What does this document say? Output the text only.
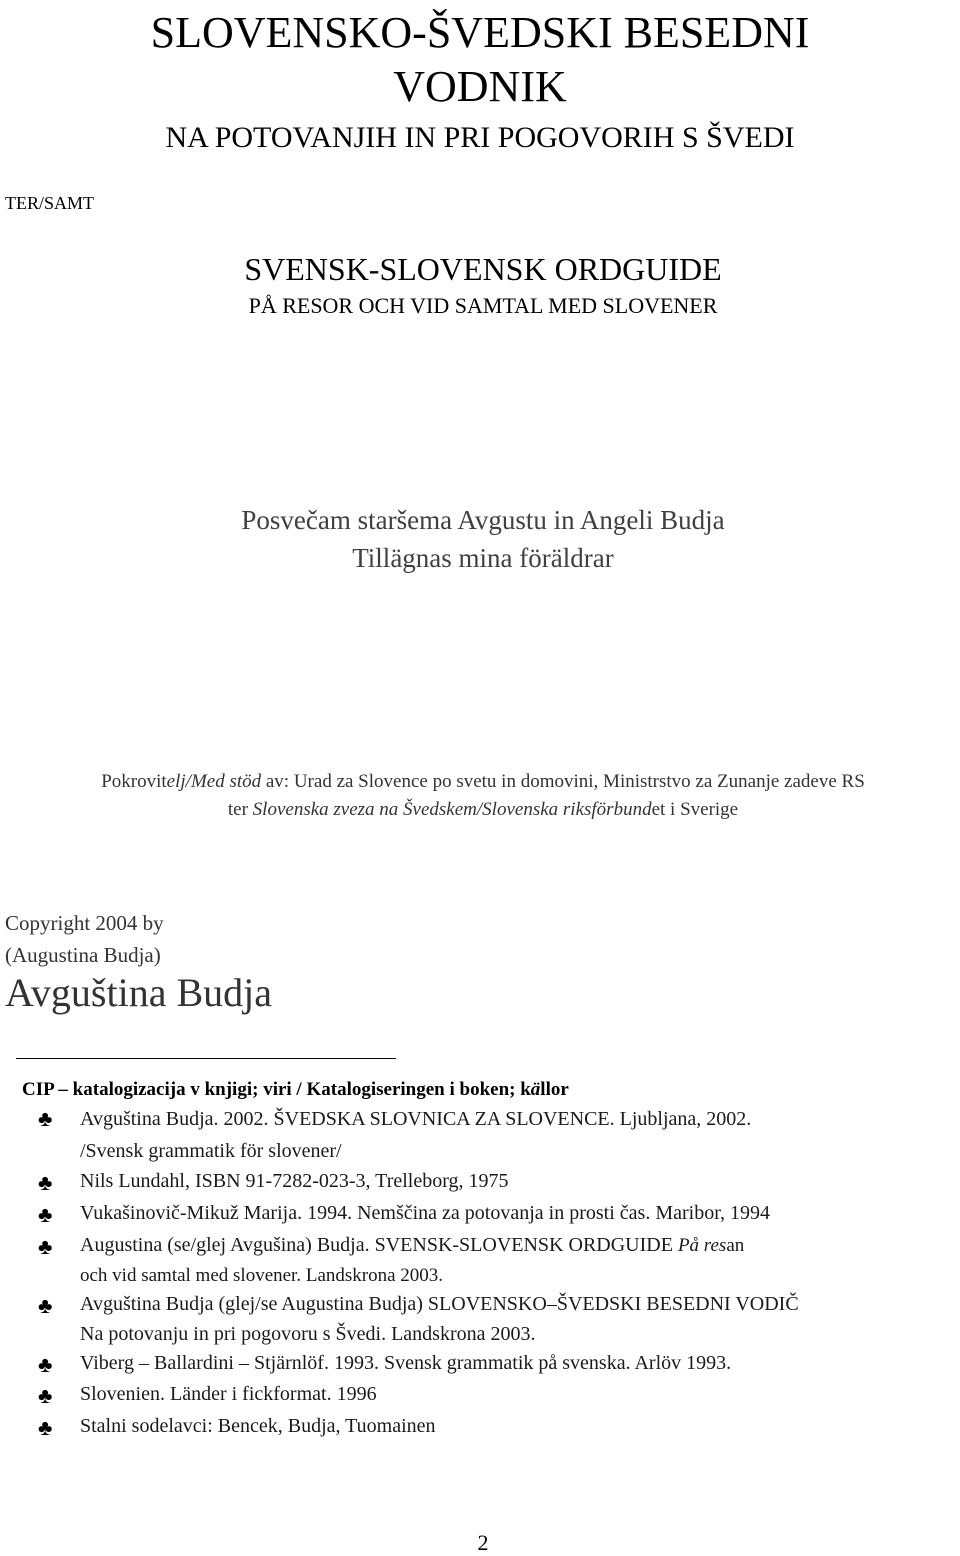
SLOVENSKO-ŠVEDSKI BESEDNI
VODNIK
NA POTOVANJIH IN PRI POGOVORIH S ŠVEDI
TER/SAMT
SVENSK-SLOVENSK ORDGUIDE
PÅ RESOR OCH VID SAMTAL MED SLOVENER
Posvečam staršema Avgustu in Angeli Budja
Tillägnas mina föräldrar
Pokrovitelj/Med stöd av: Urad za Slovence po svetu in domovini, Ministrstvo za Zunanje zadeve RS
ter Slovenska zveza na Švedskem/Slovenska riksförbundet i Sverige
Copyright 2004 by
(Augustina Budja)
Avguština Budja
CIP – katalogizacija v knjigi; viri / Katalogiseringen i boken; källor
♣ Avguština Budja. 2002. ŠVEDSKA SLOVNICA ZA SLOVENCE. Ljubljana, 2002.
/Svensk grammatik för slovener/
♣ Nils Lundahl, ISBN 91-7282-023-3, Trelleborg, 1975
♣ Vukašinovič-Mikuž Marija. 1994. Nemščina za potovanja in prosti čas. Maribor, 1994
♣ Augustina (se/glej Avgušina) Budja. SVENSK-SLOVENSK ORDGUIDE På resan
och vid samtal med slovener. Landskrona 2003.
♣ Avguština Budja (glej/se Augustina Budja) SLOVENSKO–ŠVEDSKI BESEDNI VODIČ
Na potovanju in pri pogovoru s Švedi. Landskrona 2003.
♣ Viberg – Ballardini – Stjärnlöf. 1993. Svensk grammatik på svenska. Arlöv 1993.
♣ Slovenien. Länder i fickformat. 1996
♣ Stalni sodelavci: Bencek, Budja, Tuomainen
2
